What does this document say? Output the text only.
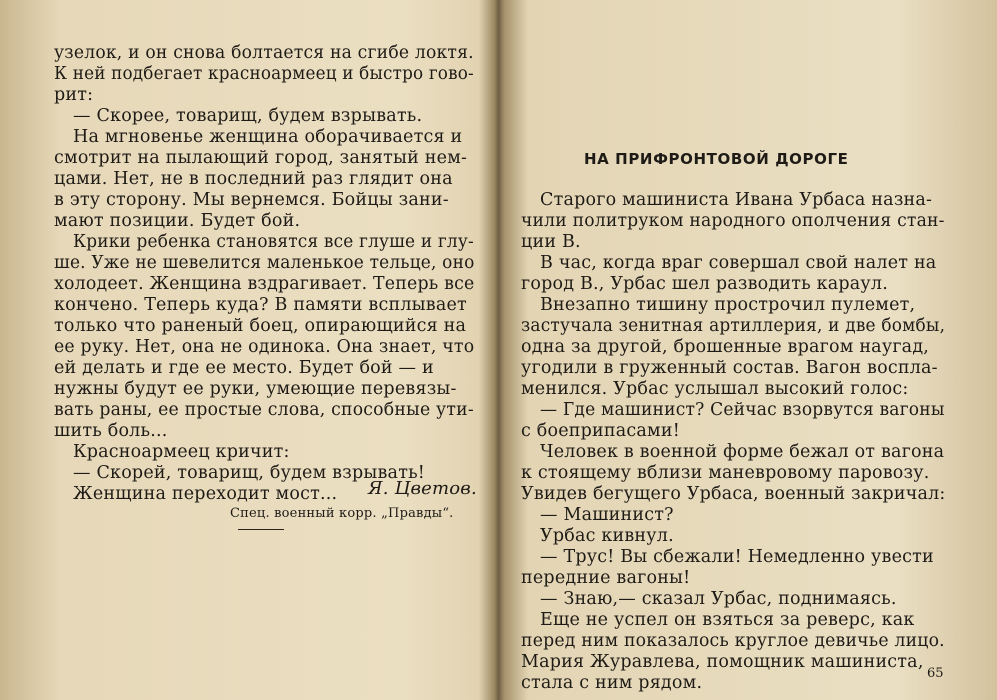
узелок, и он снова болтается на сгибе локтя.
К ней подбегает красноармеец и быстро гово-
рит:
— Скорее, товарищ, будем взрывать.
На мгновенье женщина оборачивается и
смотрит на пылающий город, занятый нем-
цами. Нет, не в последний раз глядит она
в эту сторону. Мы вернемся. Бойцы зани-
мают позиции. Будет бой.
Крики ребенка становятся все глуше и глу-
ше. Уже не шевелится маленькое тельце, оно
холодеет. Женщина вздрагивает. Теперь все
кончено. Теперь куда? В памяти всплывает
только что раненый боец, опирающийся на
ее руку. Нет, она не одинока. Она знает, что
ей делать и где ее место. Будет бой — и
нужны будут ее руки, умеющие перевязы-
вать раны, ее простые слова, способные ути-
шить боль...
Красноармеец кричит:
— Скорей, товарищ, будем взрывать!
Женщина переходит мост... Я. Цветов.
Спец. военный корр. „Правды“.
НА ПРИФРОНТОВОЙ ДОРОГЕ
Старого машиниста Ивана Урбаса назна-
чили политруком народного ополчения стан-
ции В.
В час, когда враг совершал свой налет на
город В., Урбас шел разводить караул.
Внезапно тишину прострочил пулемет,
застучала зенитная артиллерия, и две бомбы,
одна за другой, брошенные врагом наугад,
угодили в груженный состав. Вагон воспла-
менился. Урбас услышал высокий голос:
— Где машинист? Сейчас взорвутся вагоны
с боеприпасами!
Человек в военной форме бежал от вагона
к стоящему вблизи маневровому паровозу.
Увидев бегущего Урбаса, военный закричал:
— Машинист?
Урбас кивнул.
— Трус! Вы сбежали! Немедленно увести
передние вагоны!
— Знаю,— сказал Урбас, поднимаясь.
Еще не успел он взяться за реверс, как
перед ним показалось круглое девичье лицо.
Мария Журавлева, помощник машиниста,
стала с ним рядом.	65
